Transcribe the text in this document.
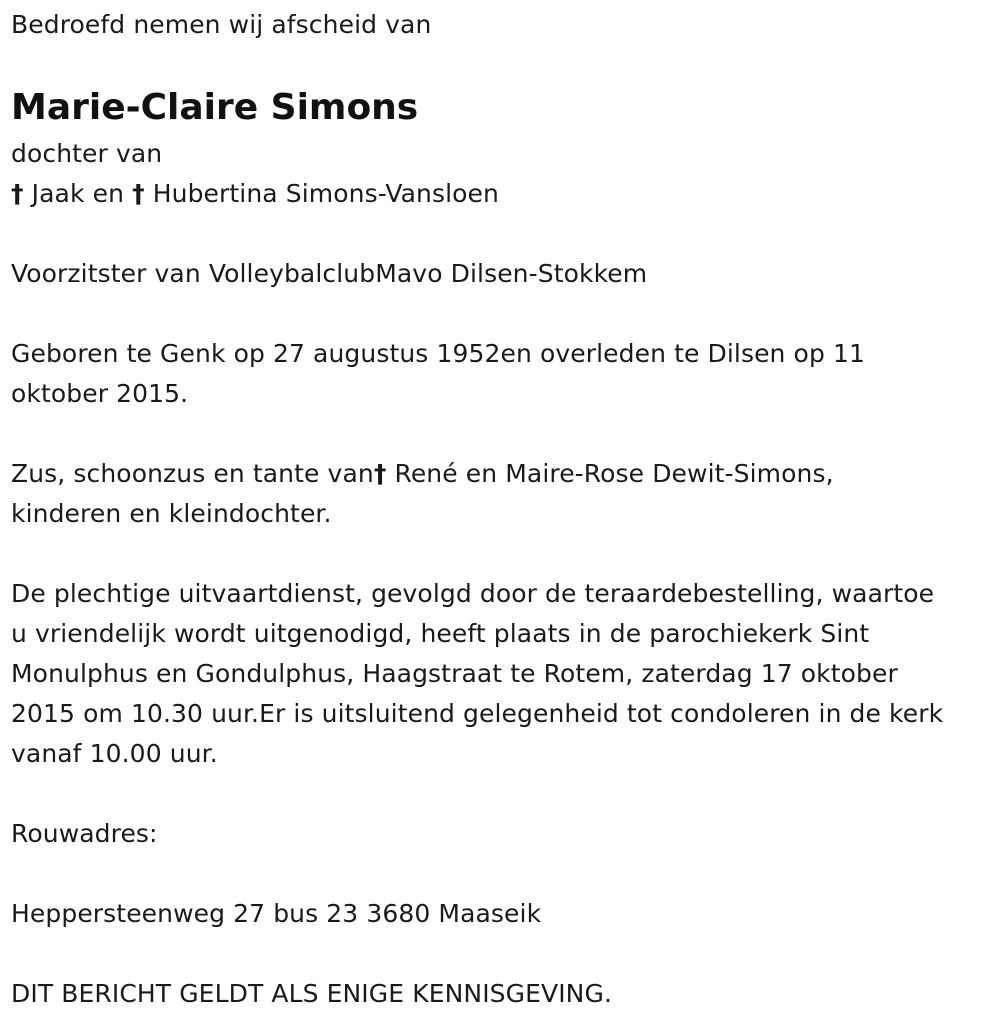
Bedroefd nemen wij afscheid van
Marie-Claire Simons
dochter van
† Jaak en † Hubertina Simons-Vansloen
Voorzitster van VolleybalclubMavo Dilsen-Stokkem
Geboren te Genk op 27 augustus 1952en overleden te Dilsen op 11
oktober 2015.
Zus, schoonzus en tante van† René en Maire-Rose Dewit-Simons,
kinderen en kleindochter.
De plechtige uitvaartdienst, gevolgd door de teraardebestelling, waartoe
u vriendelijk wordt uitgenodigd, heeft plaats in de parochiekerk Sint
Monulphus en Gondulphus, Haagstraat te Rotem, zaterdag 17 oktober
2015 om 10.30 uur.Er is uitsluitend gelegenheid tot condoleren in de kerk
vanaf 10.00 uur.
Rouwadres:
Heppersteenweg 27 bus 23 3680 Maaseik
DIT BERICHT GELDT ALS ENIGE KENNISGEVING.
